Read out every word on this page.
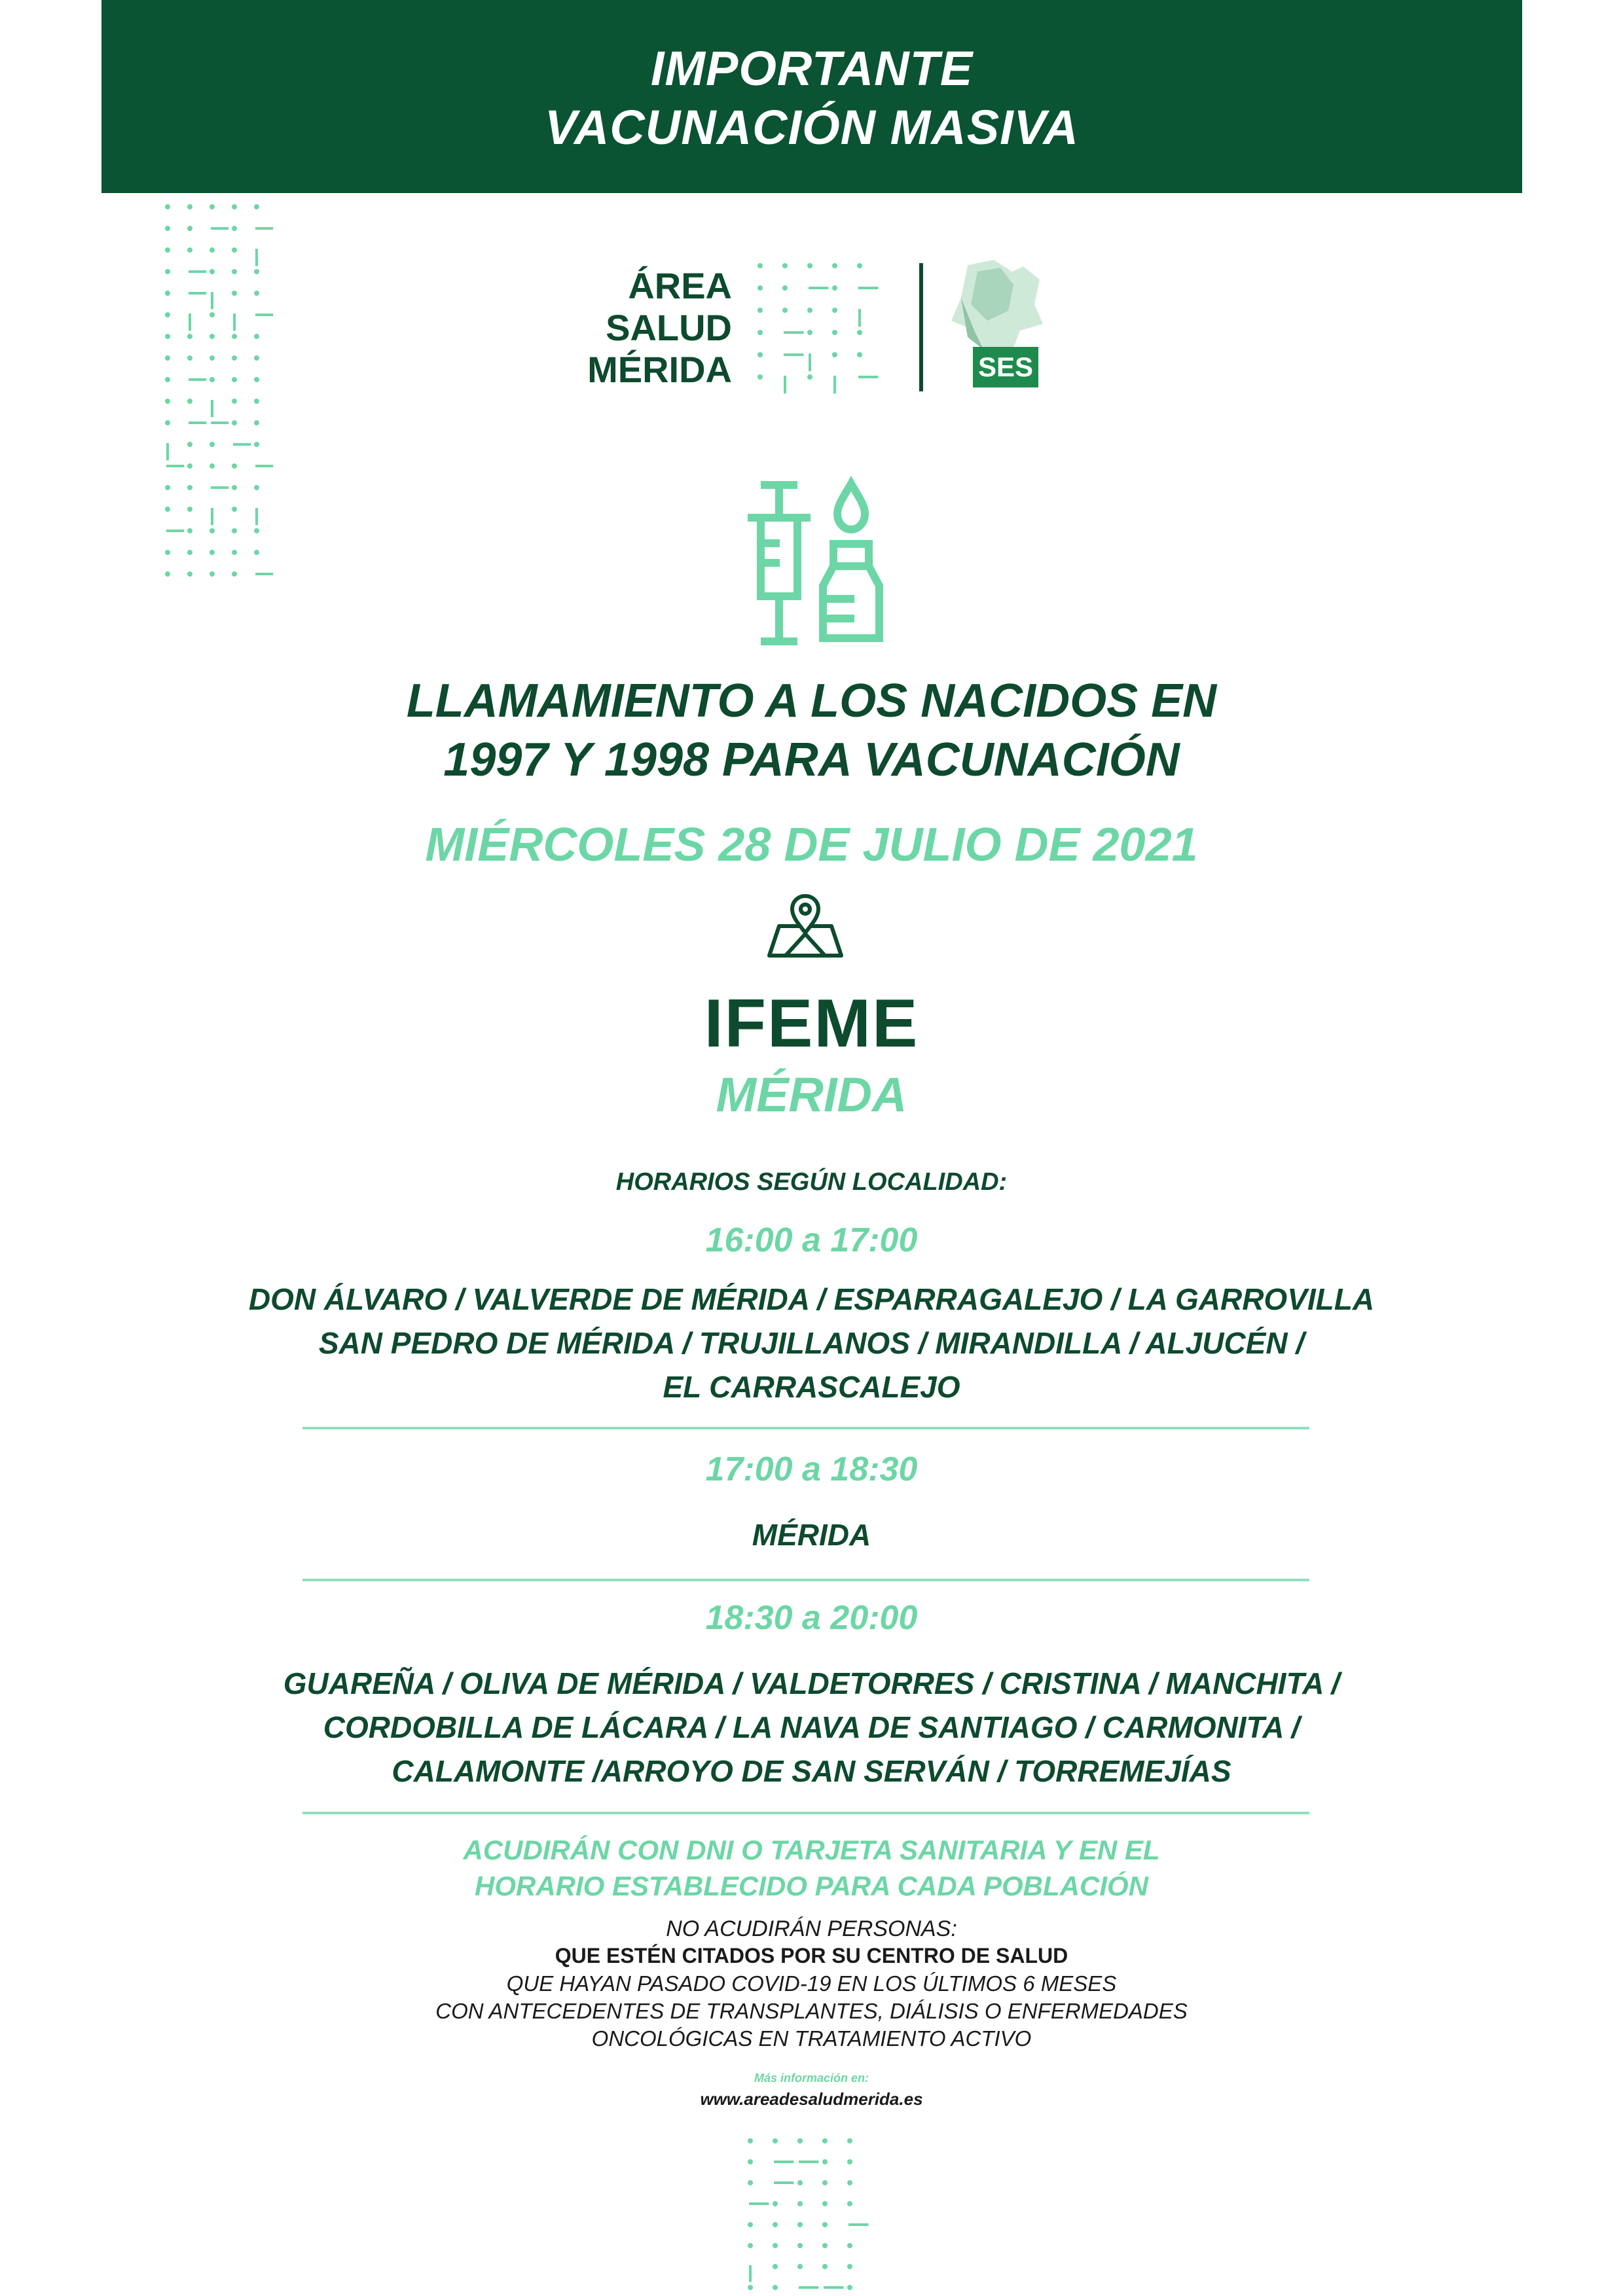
IMPORTANTE
VACUNACIÓN MASIVA
ÁREA
SALUD
MÉRIDA	SES
LLAMAMIENTO A LOS NACIDOS EN
1997 Y 1998 PARA VACUNACIÓN
MIÉRCOLES 28 DE JULIO DE 2021
IFEME
MÉRIDA
HORARIOS SEGÚN LOCALIDAD:
16:00 a 17:00
DON ÁLVARO / VALVERDE DE MÉRIDA / ESPARRAGALEJO / LA GARROVILLA
SAN PEDRO DE MÉRIDA / TRUJILLANOS / MIRANDILLA / ALJUCÉN /
EL CARRASCALEJO
17:00 a 18:30
MÉRIDA
18:30 a 20:00
GUAREÑA / OLIVA DE MÉRIDA / VALDETORRES / CRISTINA / MANCHITA /
CORDOBILLA DE LÁCARA / LA NAVA DE SANTIAGO / CARMONITA /
CALAMONTE /ARROYO DE SAN SERVÁN / TORREMEJÍAS
ACUDIRÁN CON DNI O TARJETA SANITARIA Y EN EL
HORARIO ESTABLECIDO PARA CADA POBLACIÓN
NO ACUDIRÁN PERSONAS:
QUE ESTÉN CITADOS POR SU CENTRO DE SALUD
QUE HAYAN PASADO COVID-19 EN LOS ÚLTIMOS 6 MESES
CON ANTECEDENTES DE TRANSPLANTES, DIÁLISIS O ENFERMEDADES
ONCOLÓGICAS EN TRATAMIENTO ACTIVO
Más información en:
www.areadesaludmerida.es
